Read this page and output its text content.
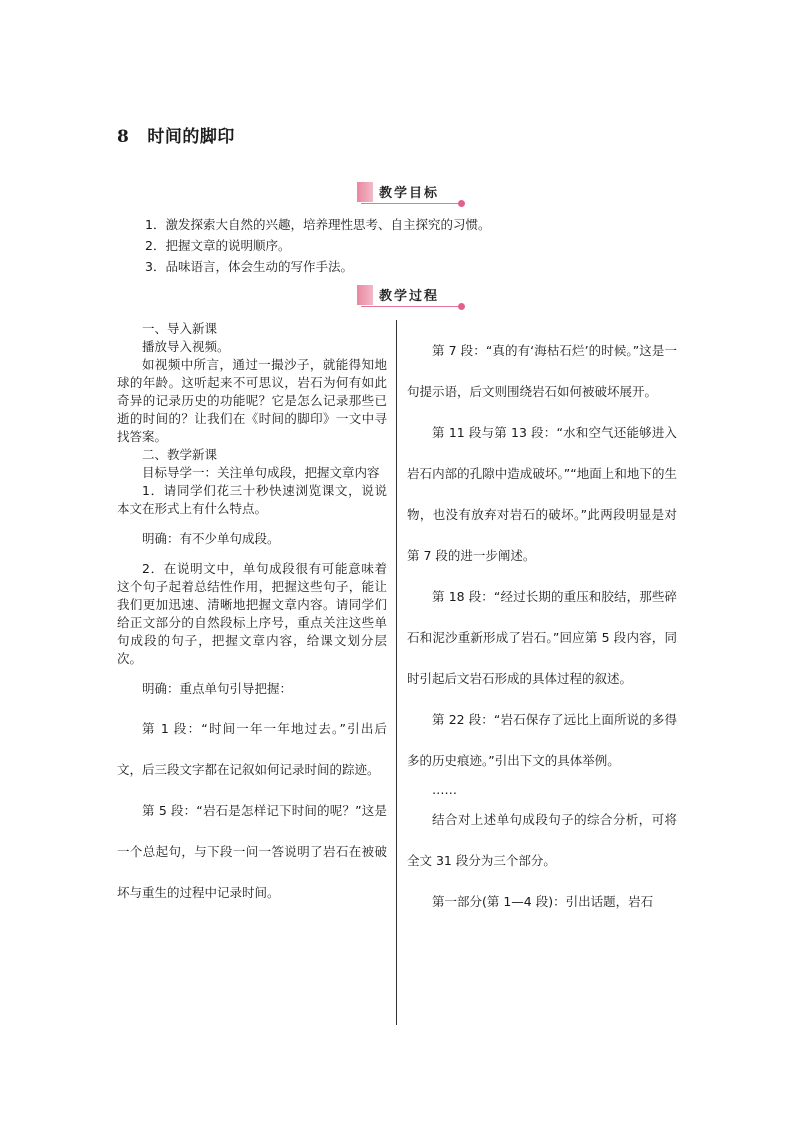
8 时间的脚印
教学目标
1．激发探索大自然的兴趣，培养理性思考、自主探究的习惯。
2．把握文章的说明顺序。
3．品味语言，体会生动的写作手法。
教学过程

一、导入新课

播放导入视频。

如视频中所言，通过一撮沙子，就能得知地球的年龄。这听起来不可思议，岩石为何有如此奇异的记录历史的功能呢？它是怎么记录那些已逝的时间的？让我们在《时间的脚印》一文中寻找答案。

二、教学新课

目标导学一：关注单句成段，把握文章内容

1．请同学们花三十秒快速浏览课文，说说本文在形式上有什么特点。

明确：有不少单句成段。

2．在说明文中，单句成段很有可能意味着这个句子起着总结性作用，把握这些句子，能让我们更加迅速、清晰地把握文章内容。请同学们给正文部分的自然段标上序号，重点关注这些单句成段的句子，把握文章内容，给课文划分层次。

明确：重点单句引导把握：

第 1 段：“时间一年一年地过去。”引出后文，后三段文字都在记叙如何记录时间的踪迹。

第 5 段：“岩石是怎样记下时间的呢？”这是一个总起句，与下段一问一答说明了岩石在被破坏与重生的过程中记录时间。

第 7 段：“真的有‘海枯石烂’的时候。”这是一句提示语，后文则围绕岩石如何被破坏展开。

第 11 段与第 13 段：“水和空气还能够进入岩石内部的孔隙中造成破坏。”“地面上和地下的生物，也没有放弃对岩石的破坏。”此两段明显是对第 7 段的进一步阐述。

第 18 段：“经过长期的重压和胶结，那些碎石和泥沙重新形成了岩石。”回应第 5 段内容，同时引起后文岩石形成的具体过程的叙述。

第 22 段：“岩石保存了远比上面所说的多得多的历史痕迹。”引出下文的具体举例。

……

结合对上述单句成段句子的综合分析，可将全文 31 段分为三个部分。

第一部分(第 1—4 段)：引出话题，岩石
